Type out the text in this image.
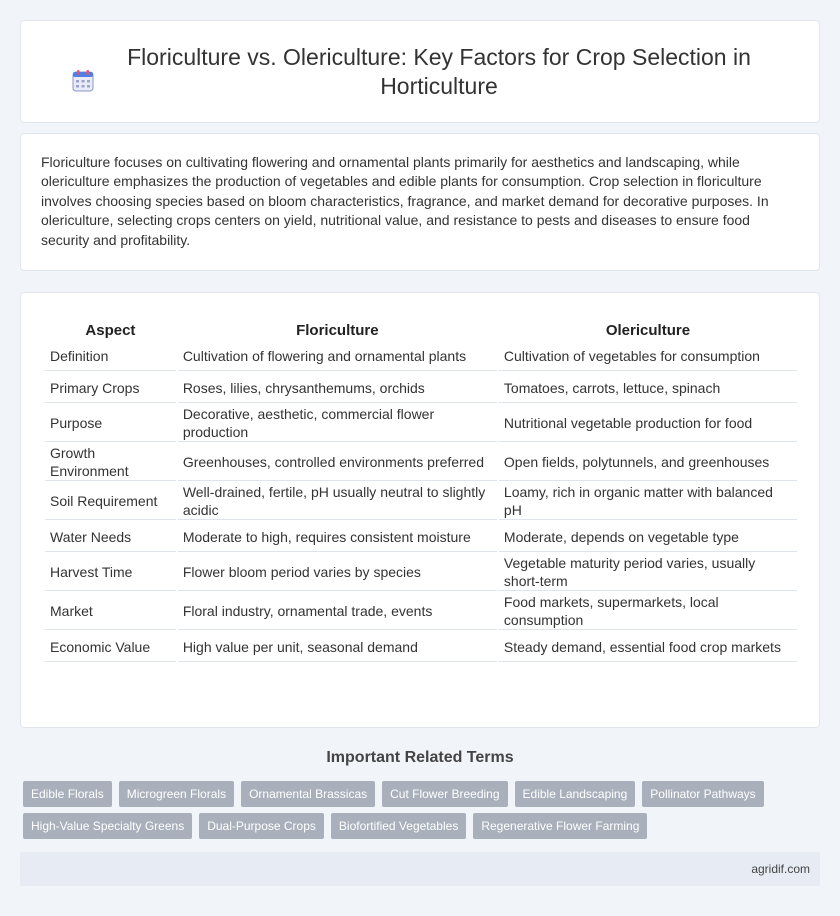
Floriculture vs. Olericulture: Key Factors for Crop Selection in Horticulture

Floriculture focuses on cultivating flowering and ornamental plants primarily for aesthetics and landscaping, while olericulture emphasizes the production of vegetables and edible plants for consumption. Crop selection in floriculture involves choosing species based on bloom characteristics, fragrance, and market demand for decorative purposes. In olericulture, selecting crops centers on yield, nutritional value, and resistance to pests and diseases to ensure food security and profitability.

Aspect	Floriculture	Olericulture
Definition	Cultivation of flowering and ornamental plants	Cultivation of vegetables for consumption
Primary Crops	Roses, lilies, chrysanthemums, orchids	Tomatoes, carrots, lettuce, spinach
Purpose	Decorative, aesthetic, commercial flower production	Nutritional vegetable production for food
Growth Environment	Greenhouses, controlled environments preferred	Open fields, polytunnels, and greenhouses
Soil Requirement	Well-drained, fertile, pH usually neutral to slightly acidic	Loamy, rich in organic matter with balanced pH
Water Needs	Moderate to high, requires consistent moisture	Moderate, depends on vegetable type
Harvest Time	Flower bloom period varies by species	Vegetable maturity period varies, usually short-term
Market	Floral industry, ornamental trade, events	Food markets, supermarkets, local consumption
Economic Value	High value per unit, seasonal demand	Steady demand, essential food crop markets
Important Related Terms
Edible Florals	Microgreen Florals	Ornamental Brassicas	Cut Flower Breeding	Edible Landscaping	Pollinator Pathways
High-Value Specialty Greens	Dual-Purpose Crops	Biofortified Vegetables	Regenerative Flower Farming
agridif.com
